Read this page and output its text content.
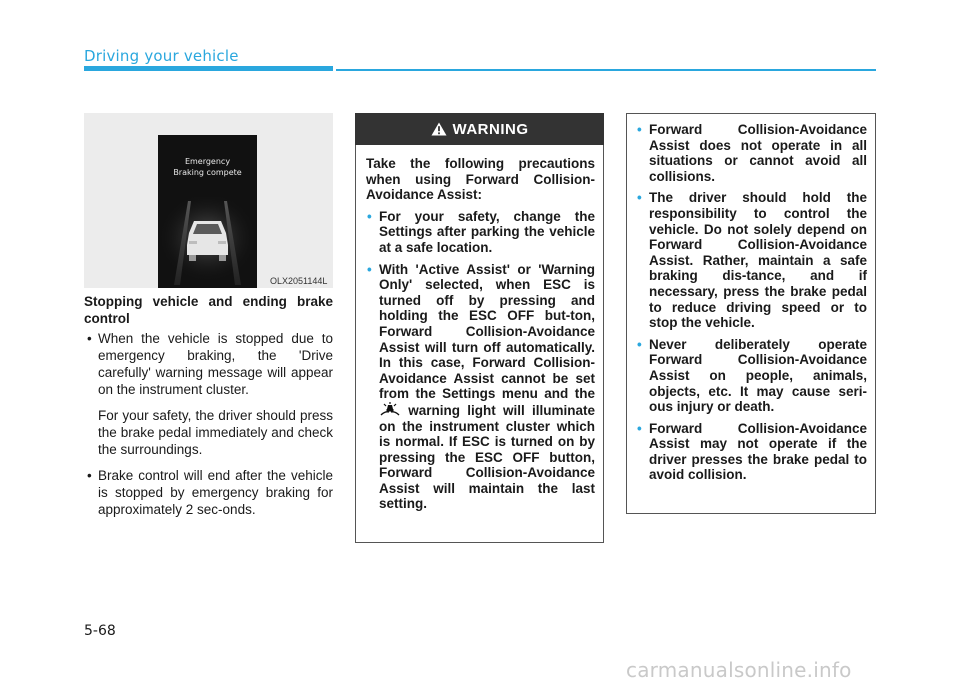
Driving your vehicle
Emergency
Braking compete
OLX2051144L

Stopping vehicle and ending brake control

• When the vehicle is stopped due to emergency braking, the 'Drive carefully' warning message will appear on the instrument cluster.
For your safety, the driver should press the brake pedal immediately and check the surroundings.
• Brake control will end after the vehicle is stopped by emergency braking for approximately 2 sec-onds.
WARNING

Take the following precautions when using Forward Collision-Avoidance Assist:

• For your safety, change the Settings after parking the vehicle at a safe location.
• With 'Active Assist' or 'Warning Only' selected, when ESC is turned off by pressing and holding the ESC OFF but-ton, Forward Collision-Avoidance Assist will turn off automatically. In this case, Forward Collision-Avoidance Assist cannot be set from the Settings menu and the  warning light will illuminate on the instrument cluster which is normal. If ESC is turned on by pressing the ESC OFF button, Forward Collision-Avoidance Assist will maintain the last setting.
• Forward Collision-Avoidance Assist does not operate in all situations or cannot avoid all collisions.
• The driver should hold the responsibility to control the vehicle. Do not solely depend on Forward Collision-Avoidance Assist. Rather, maintain a safe braking dis-tance, and if necessary, press the brake pedal to reduce driving speed or to stop the vehicle.
• Never deliberately operate Forward Collision-Avoidance Assist on people, animals, objects, etc. It may cause seri-ous injury or death.
• Forward Collision-Avoidance Assist may not operate if the driver presses the brake pedal to avoid collision.
5-68
carmanualsonline.info
